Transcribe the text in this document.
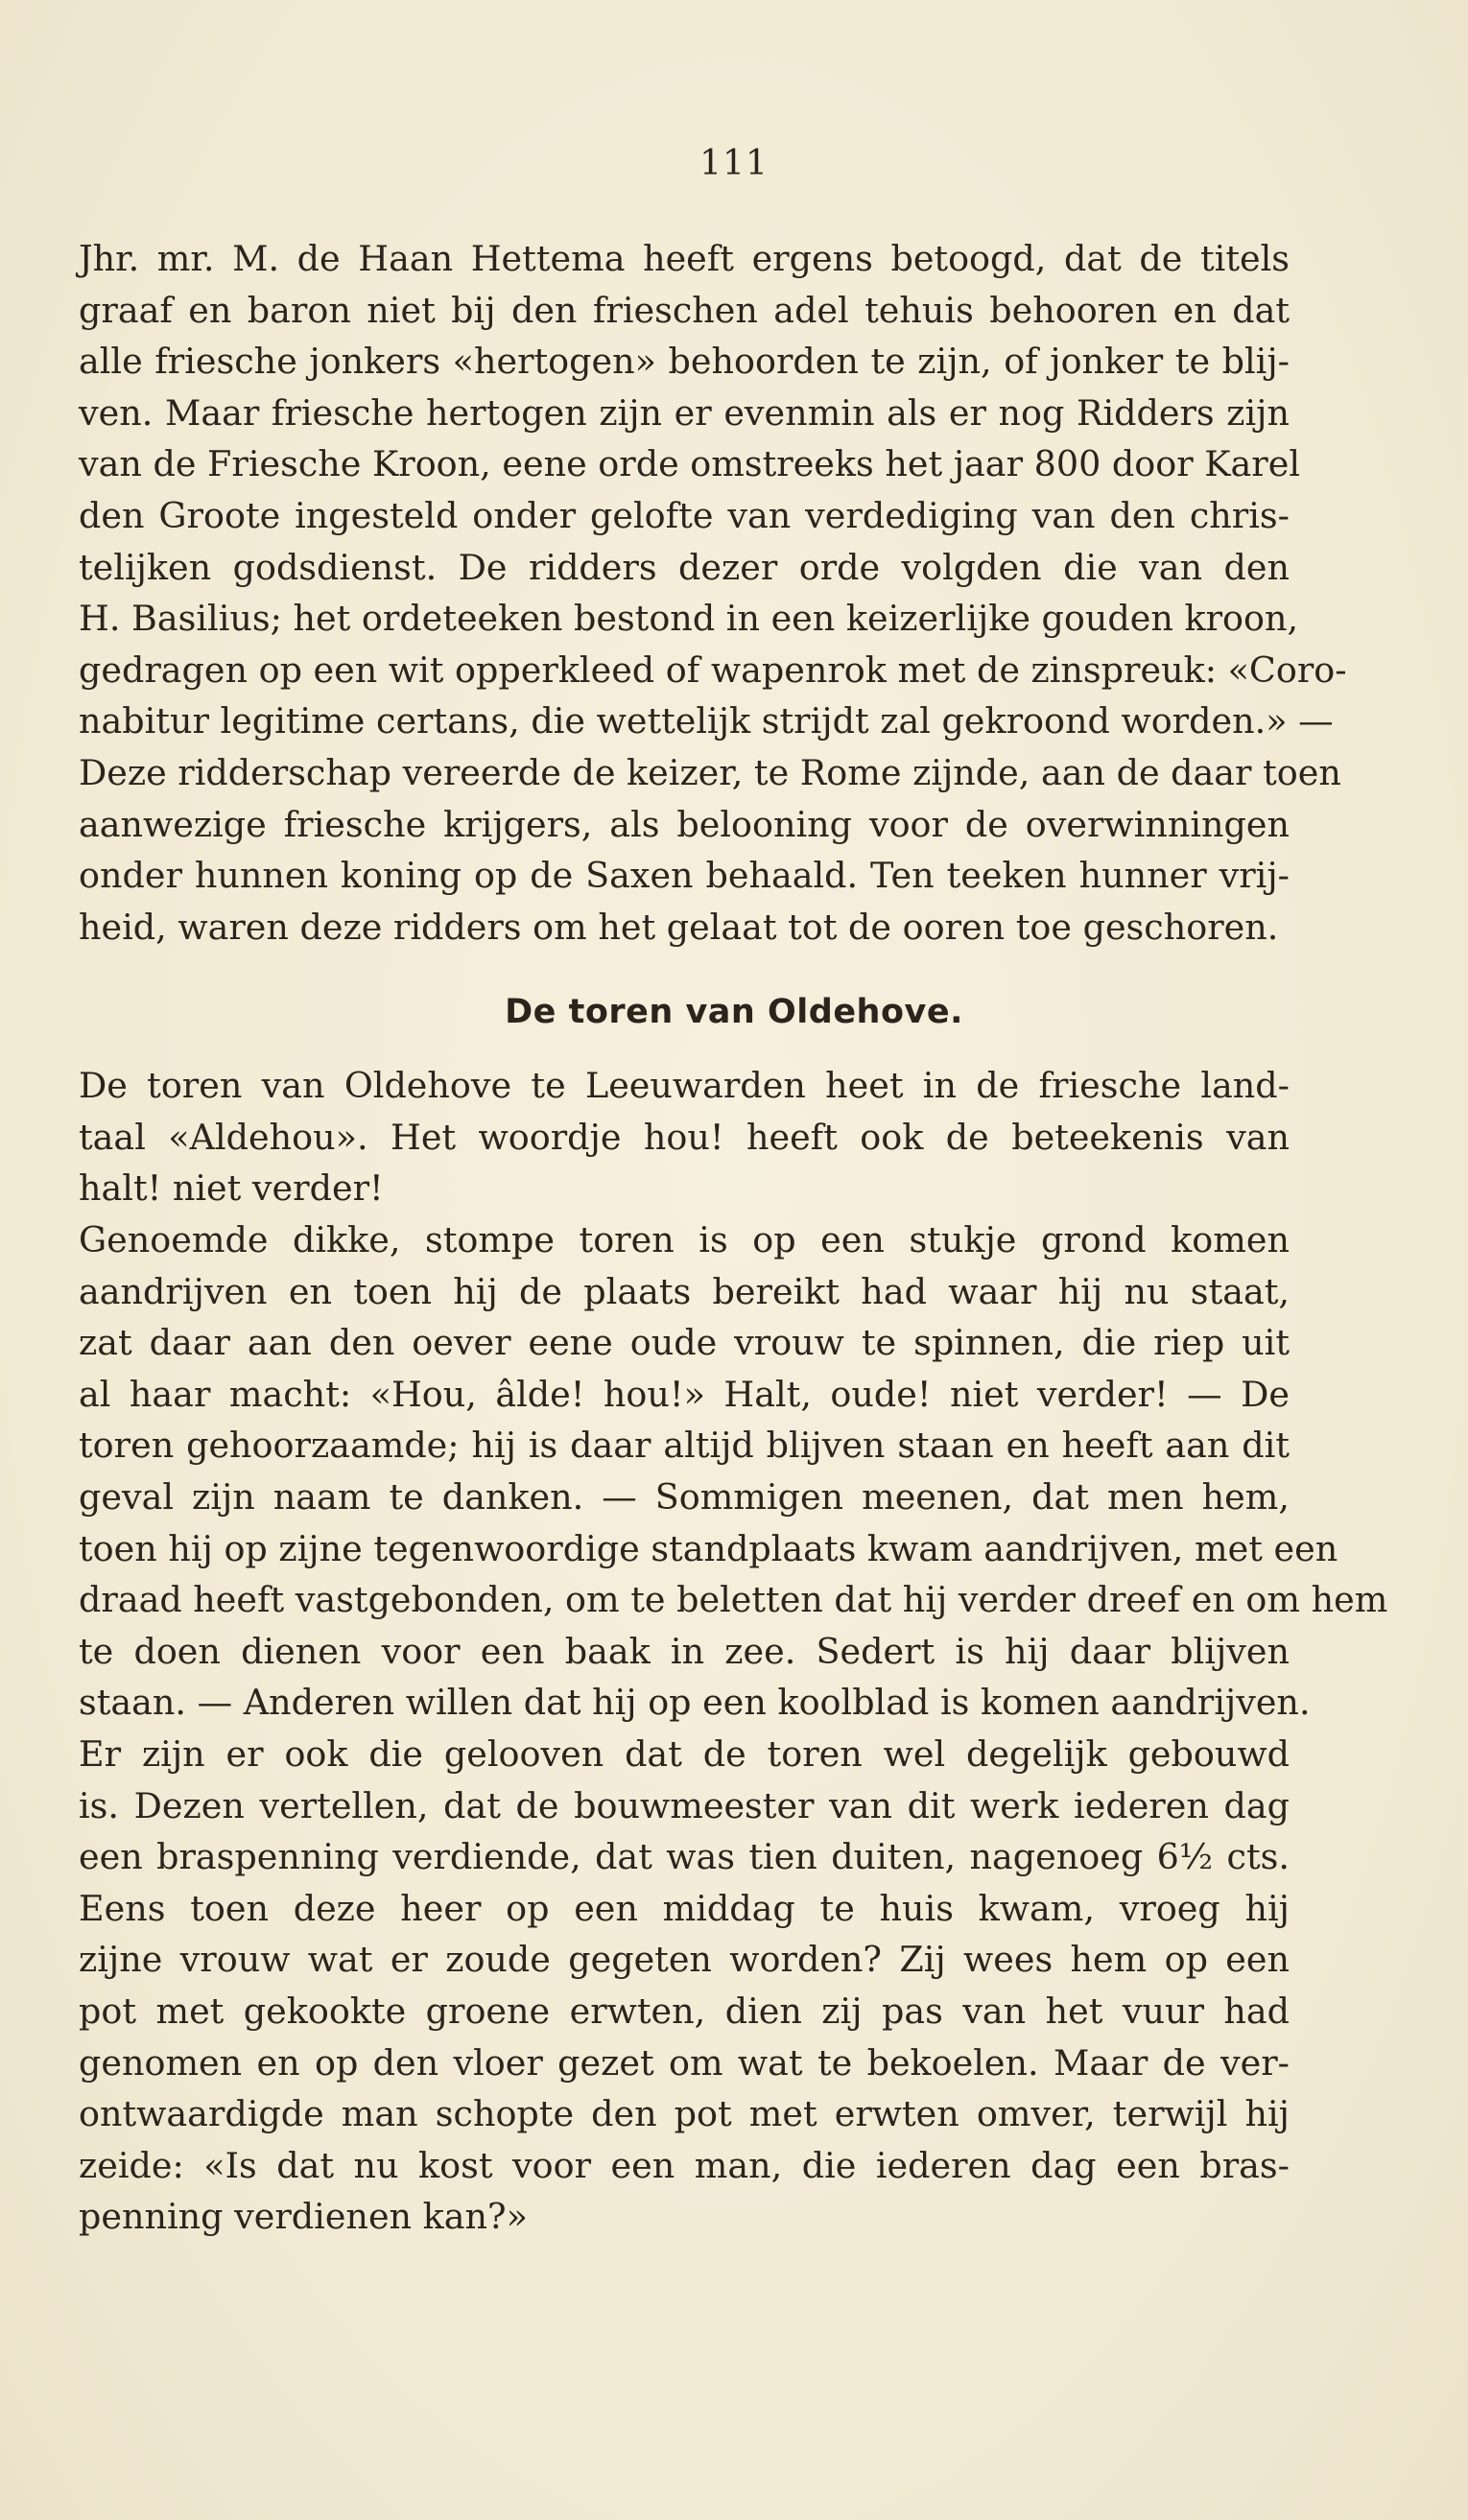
111
Jhr. mr. M. de Haan Hettema heeft ergens betoogd, dat de titels
graaf en baron niet bij den frieschen adel tehuis behooren en dat
alle friesche jonkers «hertogen» behoorden te zijn, of jonker te blij-
ven. Maar friesche hertogen zijn er evenmin als er nog Ridders zijn
van de Friesche Kroon, eene orde omstreeks het jaar 800 door Karel
den Groote ingesteld onder gelofte van verdediging van den chris-
telijken godsdienst. De ridders dezer orde volgden die van den
H. Basilius; het ordeteeken bestond in een keizerlijke gouden kroon,
gedragen op een wit opperkleed of wapenrok met de zinspreuk: «Coro-
nabitur legitime certans, die wettelijk strijdt zal gekroond worden.» —
Deze ridderschap vereerde de keizer, te Rome zijnde, aan de daar toen
aanwezige friesche krijgers, als belooning voor de overwinningen
onder hunnen koning op de Saxen behaald. Ten teeken hunner vrij-
heid, waren deze ridders om het gelaat tot de ooren toe geschoren.
De toren van Oldehove.
De toren van Oldehove te Leeuwarden heet in de friesche land-
taal «Aldehou». Het woordje hou! heeft ook de beteekenis van
halt! niet verder!
Genoemde dikke, stompe toren is op een stukje grond komen
aandrijven en toen hij de plaats bereikt had waar hij nu staat,
zat daar aan den oever eene oude vrouw te spinnen, die riep uit
al haar macht: «Hou, âlde! hou!» Halt, oude! niet verder! — De
toren gehoorzaamde; hij is daar altijd blijven staan en heeft aan dit
geval zijn naam te danken. — Sommigen meenen, dat men hem,
toen hij op zijne tegenwoordige standplaats kwam aandrijven, met een
draad heeft vastgebonden, om te beletten dat hij verder dreef en om hem
te doen dienen voor een baak in zee. Sedert is hij daar blijven
staan. — Anderen willen dat hij op een koolblad is komen aandrijven.
Er zijn er ook die gelooven dat de toren wel degelijk gebouwd
is. Dezen vertellen, dat de bouwmeester van dit werk iederen dag
een braspenning verdiende, dat was tien duiten, nagenoeg 6½ cts.
Eens toen deze heer op een middag te huis kwam, vroeg hij
zijne vrouw wat er zoude gegeten worden? Zij wees hem op een
pot met gekookte groene erwten, dien zij pas van het vuur had
genomen en op den vloer gezet om wat te bekoelen. Maar de ver-
ontwaardigde man schopte den pot met erwten omver, terwijl hij
zeide: «Is dat nu kost voor een man, die iederen dag een bras-
penning verdienen kan?»
